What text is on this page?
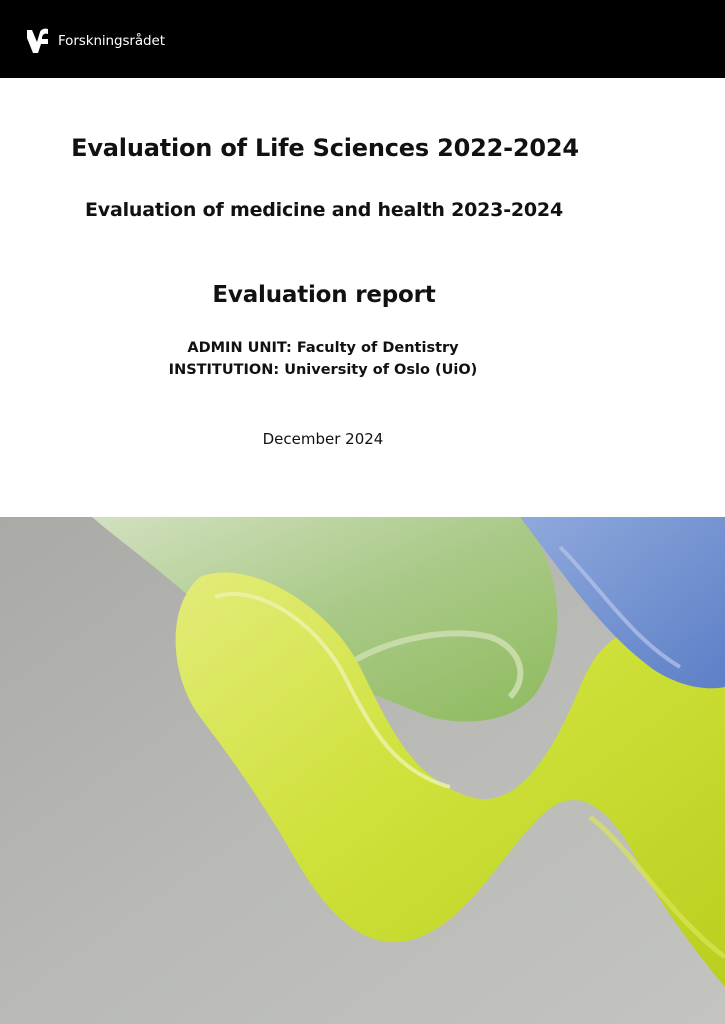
Forskningsrådet
Evaluation of Life Sciences 2022-2024
Evaluation of medicine and health 2023-2024
Evaluation report
ADMIN UNIT: Faculty of Dentistry
INSTITUTION: University of Oslo (UiO)
December 2024
